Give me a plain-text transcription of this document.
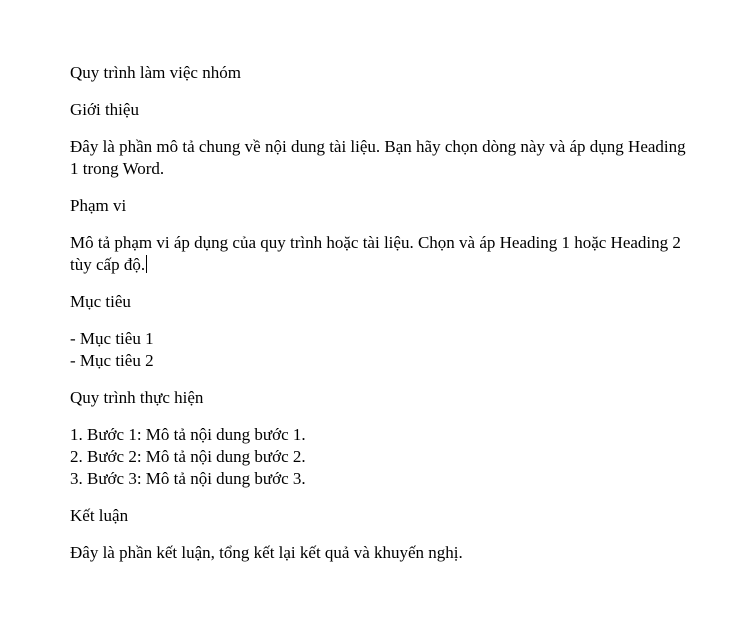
Quy trình làm việc nhóm

Giới thiệu

Đây là phần mô tả chung về nội dung tài liệu. Bạn hãy chọn dòng này và áp dụng Heading 1 trong Word.

Phạm vi

Mô tả phạm vi áp dụng của quy trình hoặc tài liệu. Chọn và áp Heading 1 hoặc Heading 2 tùy cấp độ.

Mục tiêu

- Mục tiêu 1
- Mục tiêu 2

Quy trình thực hiện

1. Bước 1: Mô tả nội dung bước 1.
2. Bước 2: Mô tả nội dung bước 2.
3. Bước 3: Mô tả nội dung bước 3.

Kết luận

Đây là phần kết luận, tổng kết lại kết quả và khuyến nghị.
